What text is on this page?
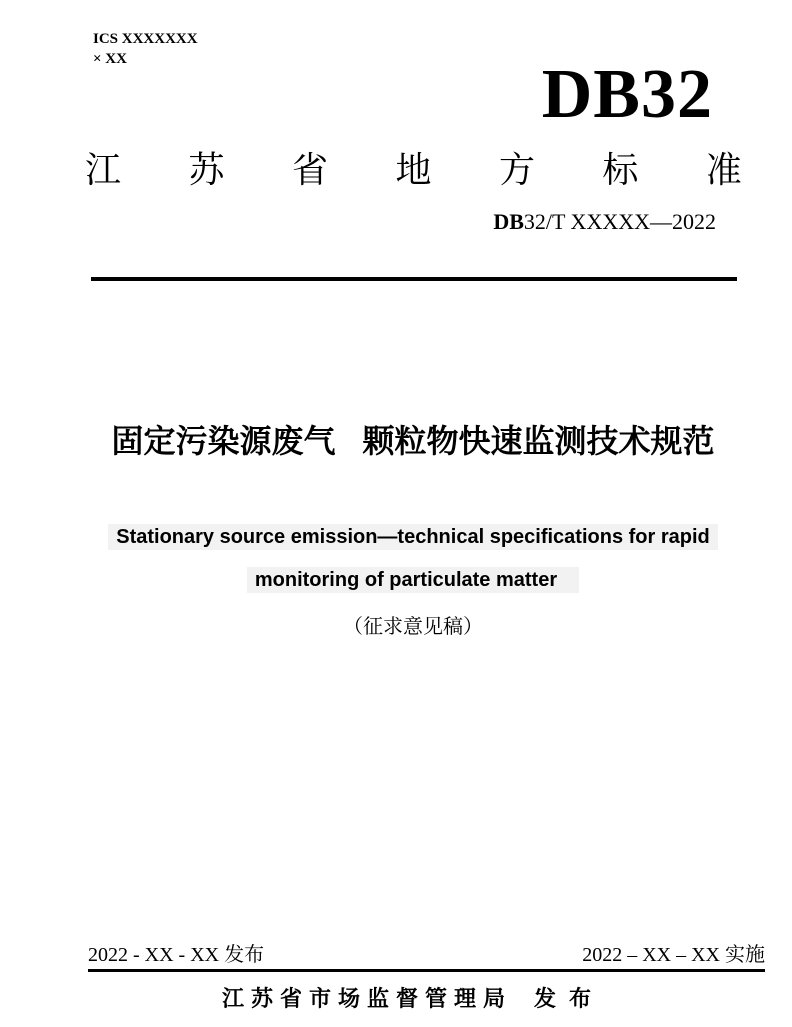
ICS XXXXXXX
× XX	DB32
江 苏 省 地 方 标 准
DB32/T XXXXX—2022
固定污染源废气 颗粒物快速监测技术规范
Stationary source emission—technical specifications for rapid
monitoring of particulate matter
（征求意见稿）
2022 - XX - XX 发布	2022 – XX – XX 实施
江苏省市场监督管理局 发布
